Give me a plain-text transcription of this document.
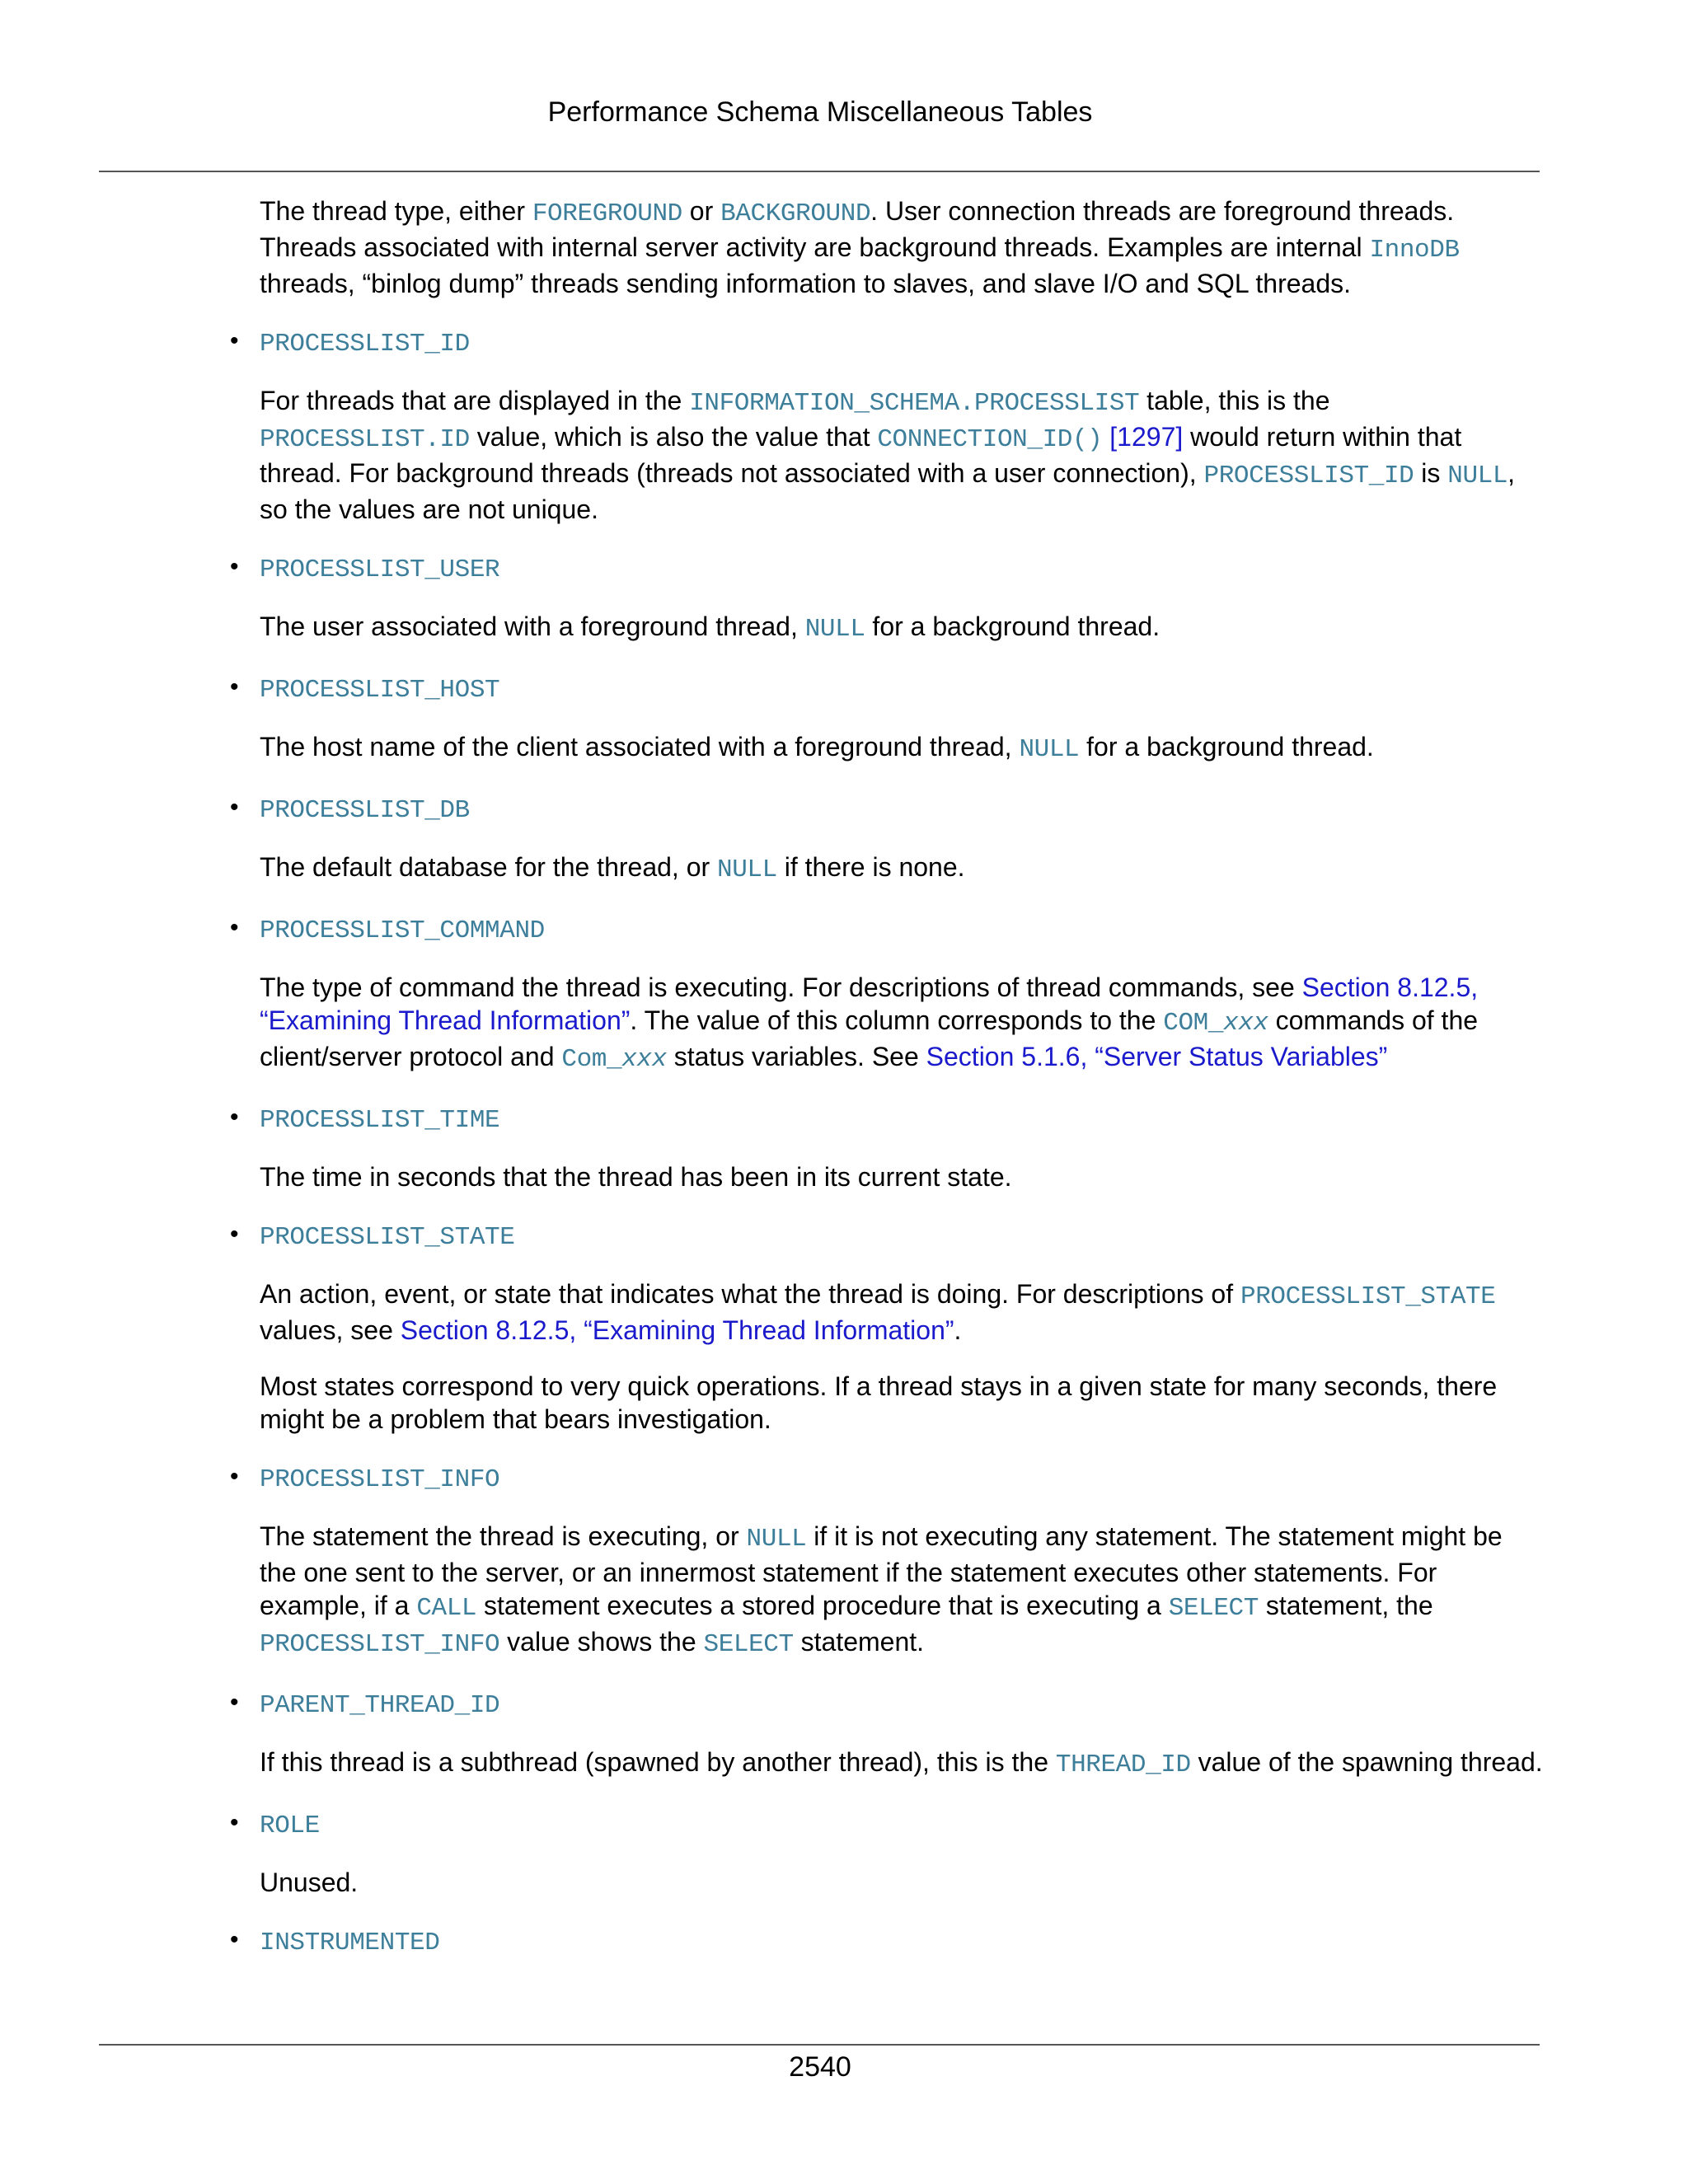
Performance Schema Miscellaneous Tables

The thread type, either FOREGROUND or BACKGROUND. User connection threads are foreground threads. Threads associated with internal server activity are background threads. Examples are internal InnoDB threads, “binlog dump” threads sending information to slaves, and slave I/O and SQL threads.

• PROCESSLIST_ID

For threads that are displayed in the INFORMATION_SCHEMA.PROCESSLIST table, this is the PROCESSLIST.ID value, which is also the value that CONNECTION_ID() [1297] would return within that thread. For background threads (threads not associated with a user connection), PROCESSLIST_ID is NULL, so the values are not unique.

• PROCESSLIST_USER

The user associated with a foreground thread, NULL for a background thread.

• PROCESSLIST_HOST

The host name of the client associated with a foreground thread, NULL for a background thread.

• PROCESSLIST_DB

The default database for the thread, or NULL if there is none.

• PROCESSLIST_COMMAND

The type of command the thread is executing. For descriptions of thread commands, see Section 8.12.5, “Examining Thread Information”. The value of this column corresponds to the COM_xxx commands of the client/server protocol and Com_xxx status variables. See Section 5.1.6, “Server Status Variables”

• PROCESSLIST_TIME

The time in seconds that the thread has been in its current state.

• PROCESSLIST_STATE

An action, event, or state that indicates what the thread is doing. For descriptions of PROCESSLIST_STATE values, see Section 8.12.5, “Examining Thread Information”.

Most states correspond to very quick operations. If a thread stays in a given state for many seconds, there might be a problem that bears investigation.

• PROCESSLIST_INFO

The statement the thread is executing, or NULL if it is not executing any statement. The statement might be the one sent to the server, or an innermost statement if the statement executes other statements. For example, if a CALL statement executes a stored procedure that is executing a SELECT statement, the PROCESSLIST_INFO value shows the SELECT statement.

• PARENT_THREAD_ID

If this thread is a subthread (spawned by another thread), this is the THREAD_ID value of the spawning thread.

• ROLE

Unused.

• INSTRUMENTED
2540
